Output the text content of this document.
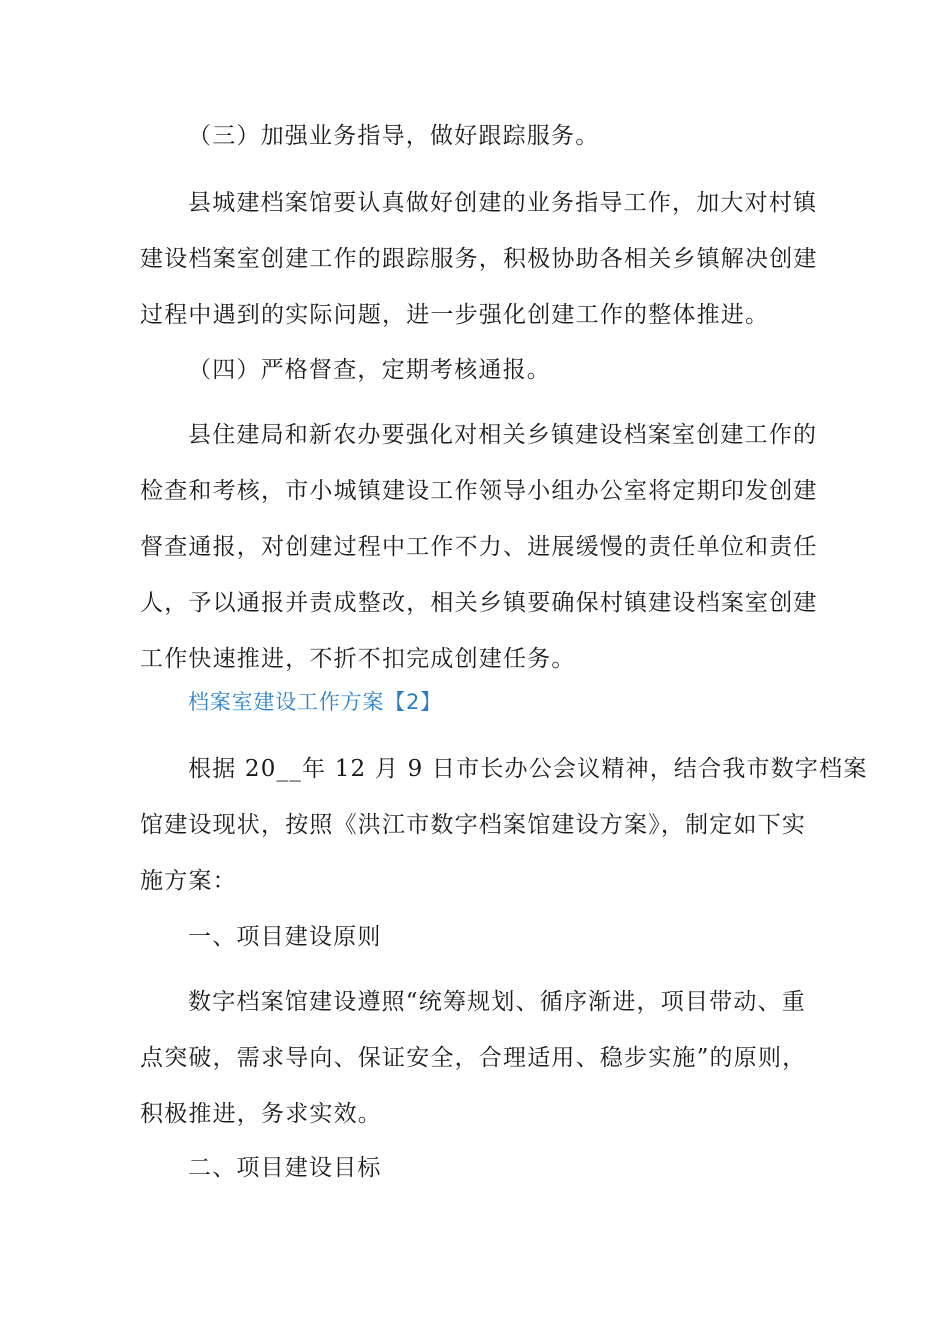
（三）加强业务指导，做好跟踪服务。
县城建档案馆要认真做好创建的业务指导工作，加大对村镇
建设档案室创建工作的跟踪服务，积极协助各相关乡镇解决创建
过程中遇到的实际问题，进一步强化创建工作的整体推进。
（四）严格督查，定期考核通报。
县住建局和新农办要强化对相关乡镇建设档案室创建工作的
检查和考核，市小城镇建设工作领导小组办公室将定期印发创建
督查通报，对创建过程中工作不力、进展缓慢的责任单位和责任
人，予以通报并责成整改，相关乡镇要确保村镇建设档案室创建
工作快速推进，不折不扣完成创建任务。
档案室建设工作方案【2】
根据 20__年 12 月 9 日市长办公会议精神，结合我市数字档案
馆建设现状，按照《洪江市数字档案馆建设方案》，制定如下实
施方案：
一、项目建设原则
数字档案馆建设遵照“统筹规划、循序渐进，项目带动、重
点突破，需求导向、保证安全，合理适用、稳步实施”的原则，
积极推进，务求实效。
二、项目建设目标
